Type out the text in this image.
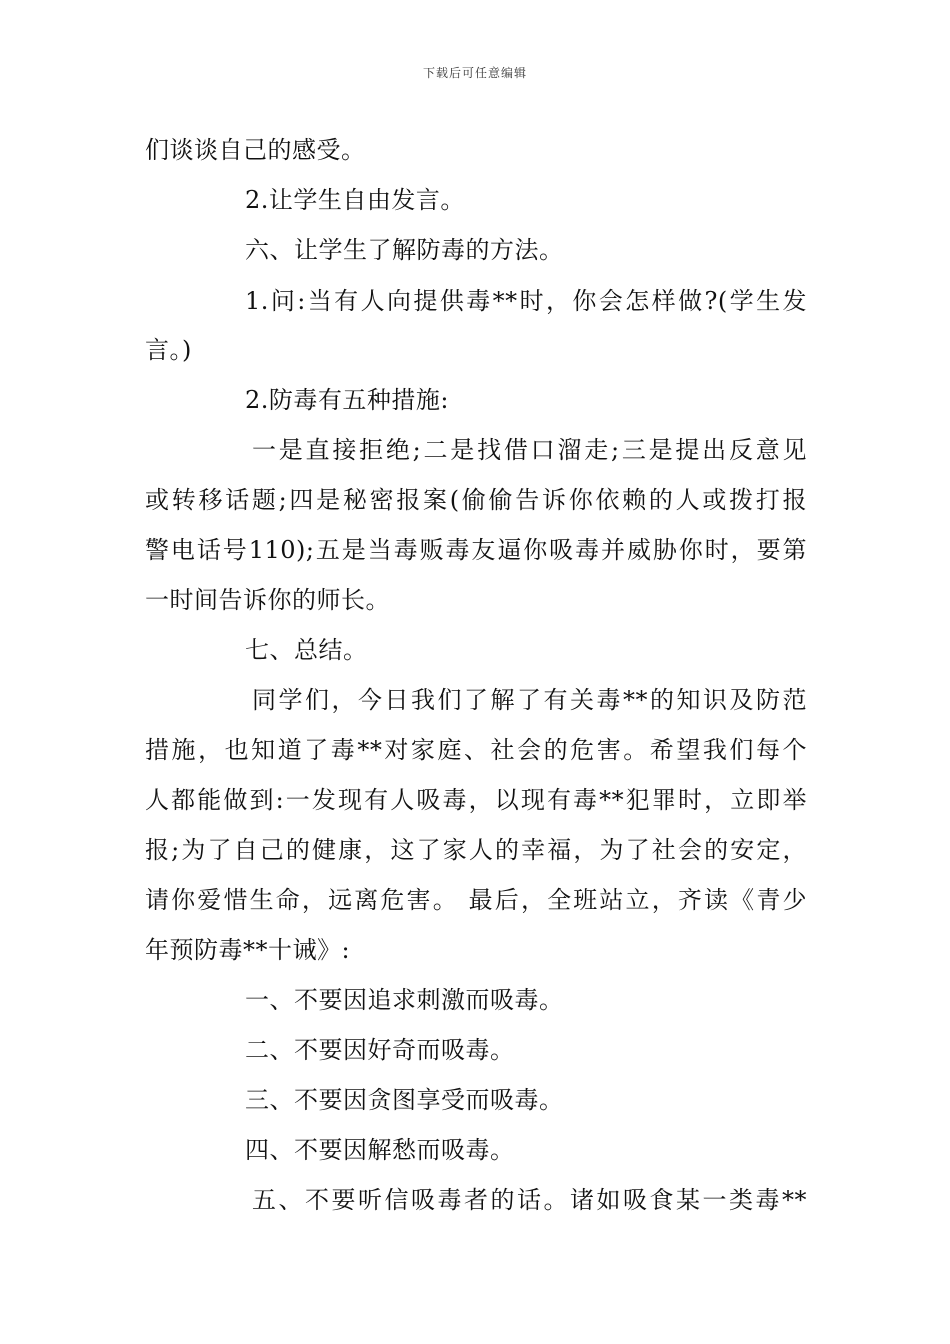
下载后可任意编辑
们谈谈自己的感受。
2.让学生自由发言。
六、让学生了解防毒的方法。
1.问:当有人向提供毒**时，你会怎样做?(学生发
言。)
2.防毒有五种措施:
一是直接拒绝;二是找借口溜走;三是提出反意见
或转移话题;四是秘密报案(偷偷告诉你依赖的人或拨打报
警电话号110);五是当毒贩毒友逼你吸毒并威胁你时，要第
一时间告诉你的师长。
七、总结。
同学们，今日我们了解了有关毒**的知识及防范
措施，也知道了毒**对家庭、社会的危害。希望我们每个
人都能做到:一发现有人吸毒，以现有毒**犯罪时，立即举
报;为了自己的健康，这了家人的幸福，为了社会的安定，
请你爱惜生命，远离危害。 最后，全班站立，齐读《青少
年预防毒**十诫》:
一、不要因追求刺激而吸毒。
二、不要因好奇而吸毒。
三、不要因贪图享受而吸毒。
四、不要因解愁而吸毒。
五、不要听信吸毒者的话。诸如吸食某一类毒**
